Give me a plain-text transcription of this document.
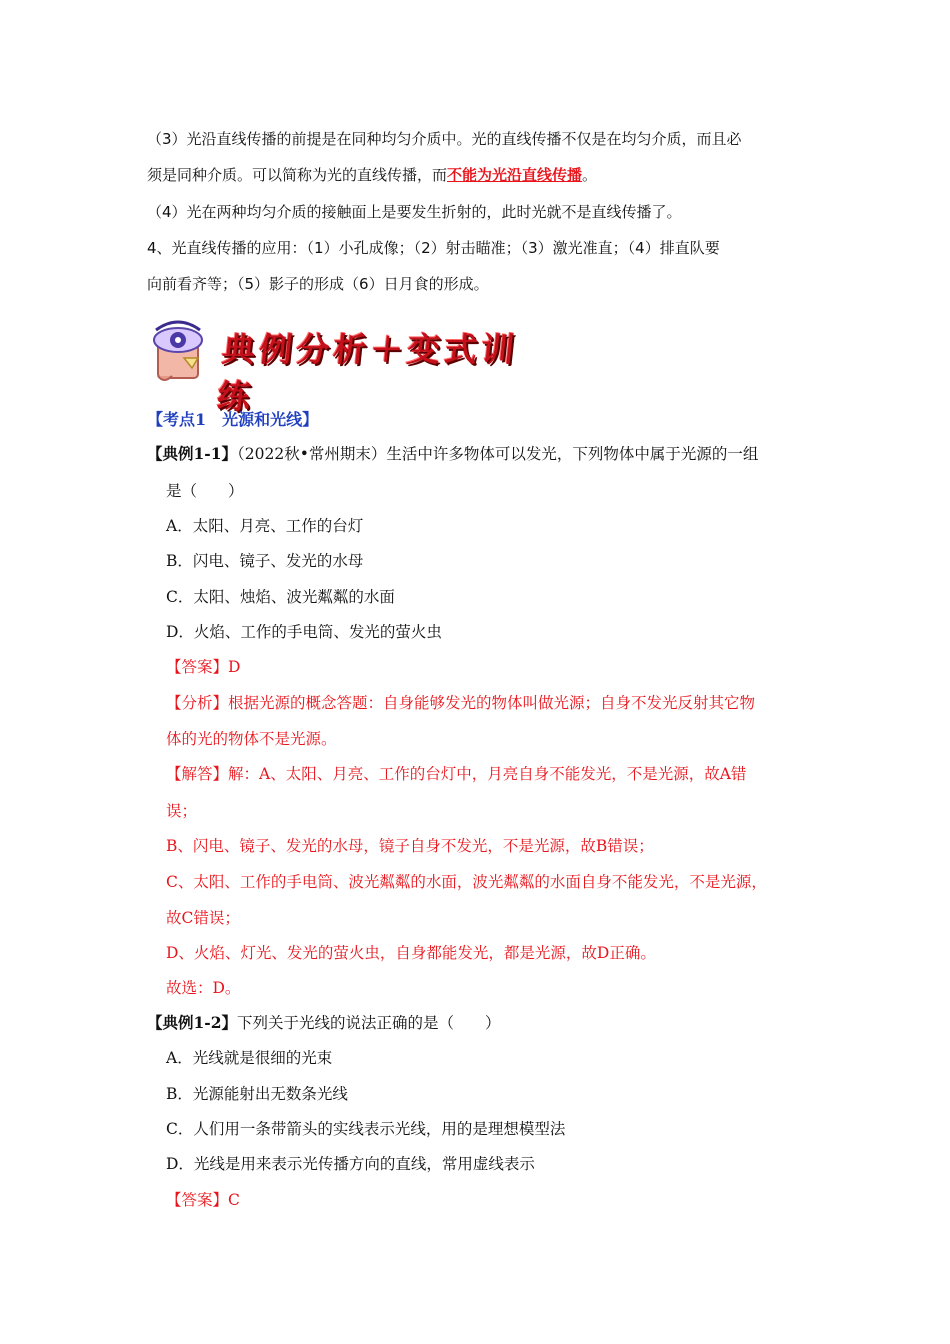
（3）光沿直线传播的前提是在同种均匀介质中。光的直线传播不仅是在均匀介质，而且必
须是同种介质。可以简称为光的直线传播，而不能为光沿直线传播。
（4）光在两种均匀介质的接触面上是要发生折射的，此时光就不是直线传播了。
4、光直线传播的应用：（1）小孔成像；（2）射击瞄准；（3）激光准直；（4）排直队要
向前看齐等；（5）影子的形成（6）日月食的形成。
典例分析＋变式训练
【考点1　光源和光线】
【典例1-1】（2022秋•常州期末）生活中许多物体可以发光，下列物体中属于光源的一组
是（　　）
A．太阳、月亮、工作的台灯
B．闪电、镜子、发光的水母
C．太阳、烛焰、波光粼粼的水面
D．火焰、工作的手电筒、发光的萤火虫
【答案】D
【分析】根据光源的概念答题：自身能够发光的物体叫做光源；自身不发光反射其它物
体的光的物体不是光源。
【解答】解：A、太阳、月亮、工作的台灯中，月亮自身不能发光，不是光源，故A错
误；
B、闪电、镜子、发光的水母，镜子自身不发光，不是光源，故B错误；
C、太阳、工作的手电筒、波光粼粼的水面，波光粼粼的水面自身不能发光，不是光源，
故C错误；
D、火焰、灯光、发光的萤火虫，自身都能发光，都是光源，故D正确。
故选：D。
【典例1-2】下列关于光线的说法正确的是（　　）
A．光线就是很细的光束
B．光源能射出无数条光线
C．人们用一条带箭头的实线表示光线，用的是理想模型法
D．光线是用来表示光传播方向的直线，常用虚线表示
【答案】C
